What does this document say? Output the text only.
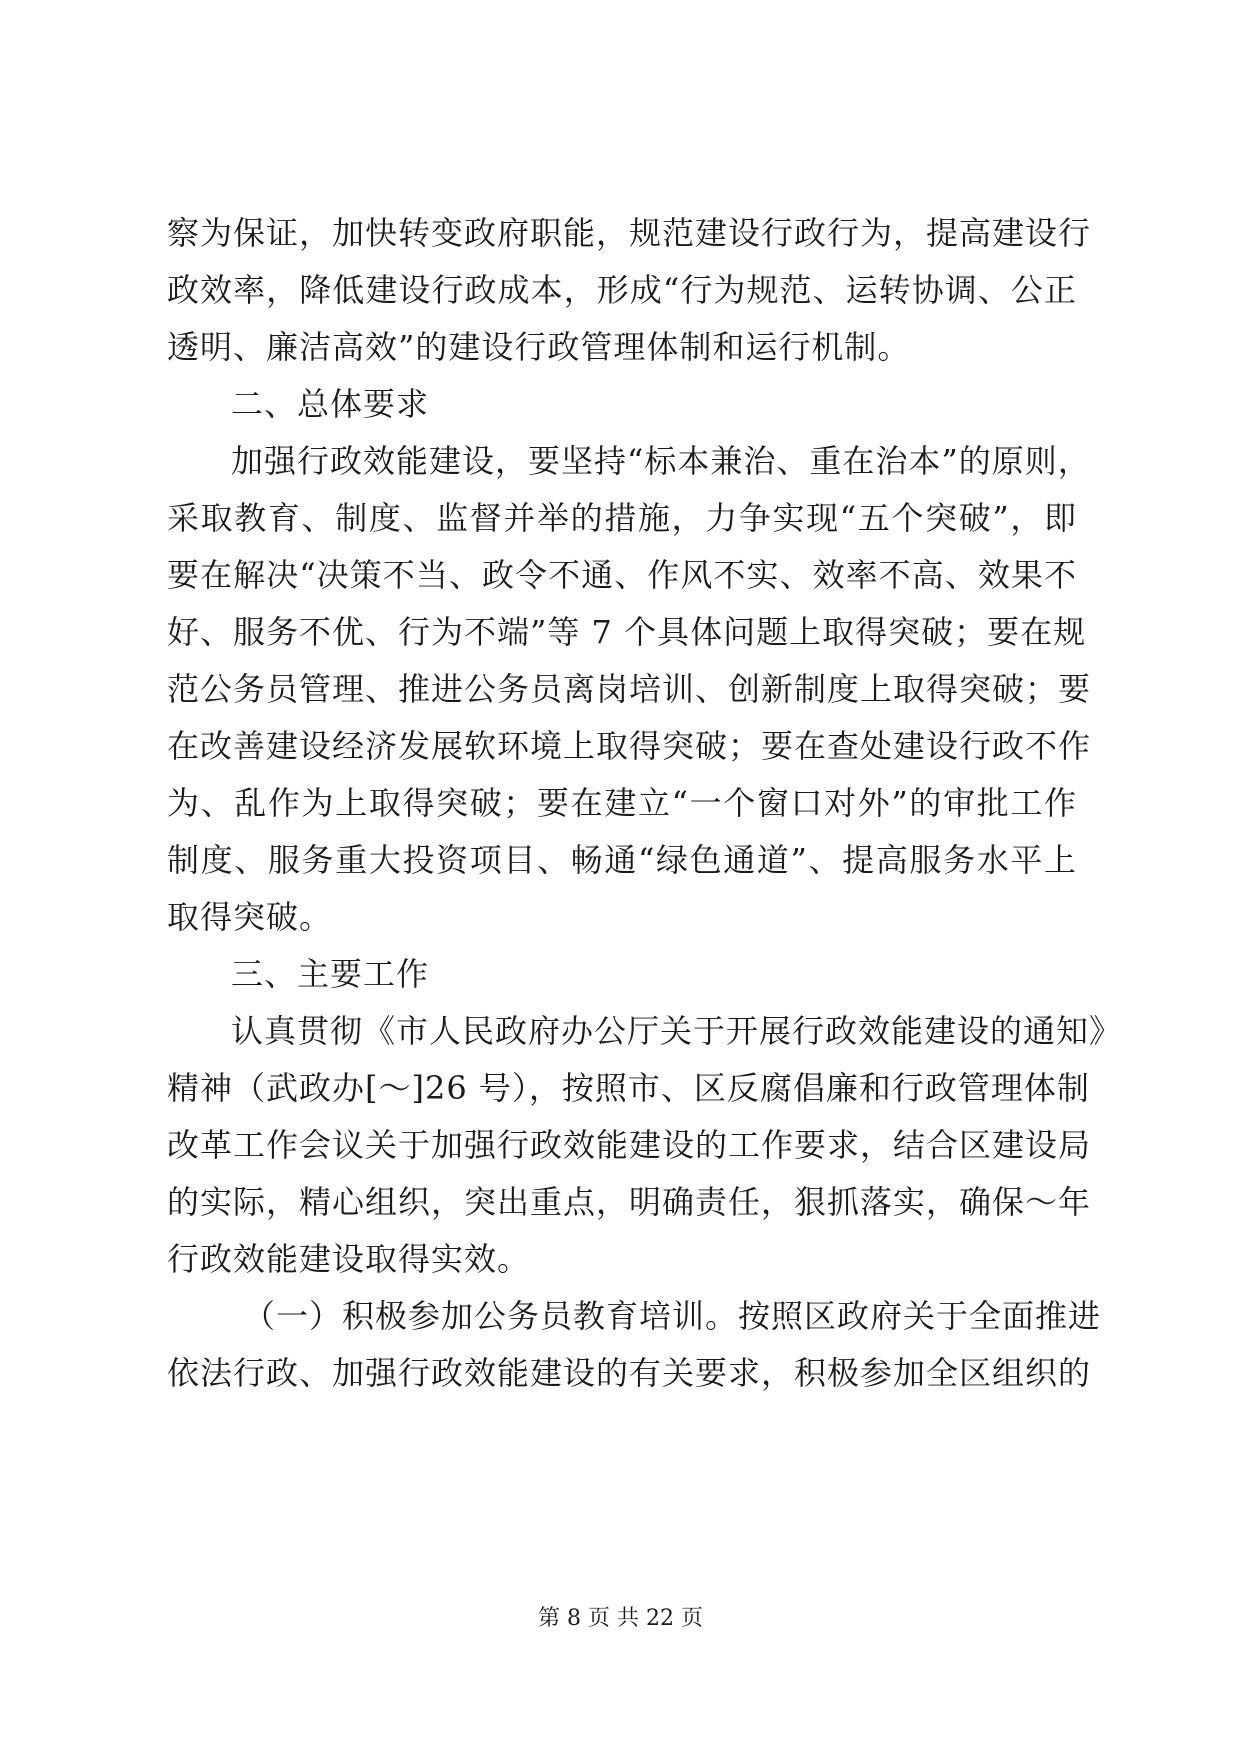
察为保证，加快转变政府职能，规范建设行政行为，提高建设行
政效率，降低建设行政成本，形成“行为规范、运转协调、公正
透明、廉洁高效”的建设行政管理体制和运行机制。
二、总体要求
加强行政效能建设，要坚持“标本兼治、重在治本”的原则，
采取教育、制度、监督并举的措施，力争实现“五个突破”，即
要在解决“决策不当、政令不通、作风不实、效率不高、效果不
好、服务不优、行为不端”等 7 个具体问题上取得突破；要在规
范公务员管理、推进公务员离岗培训、创新制度上取得突破；要
在改善建设经济发展软环境上取得突破；要在查处建设行政不作
为、乱作为上取得突破；要在建立“一个窗口对外”的审批工作
制度、服务重大投资项目、畅通“绿色通道”、提高服务水平上
取得突破。
三、主要工作
认真贯彻《市人民政府办公厅关于开展行政效能建设的通知》
精神（武政办[～]26 号），按照市、区反腐倡廉和行政管理体制
改革工作会议关于加强行政效能建设的工作要求，结合区建设局
的实际，精心组织，突出重点，明确责任，狠抓落实，确保～年
行政效能建设取得实效。
（一）积极参加公务员教育培训。按照区政府关于全面推进
依法行政、加强行政效能建设的有关要求，积极参加全区组织的
第 8 页 共 22 页
